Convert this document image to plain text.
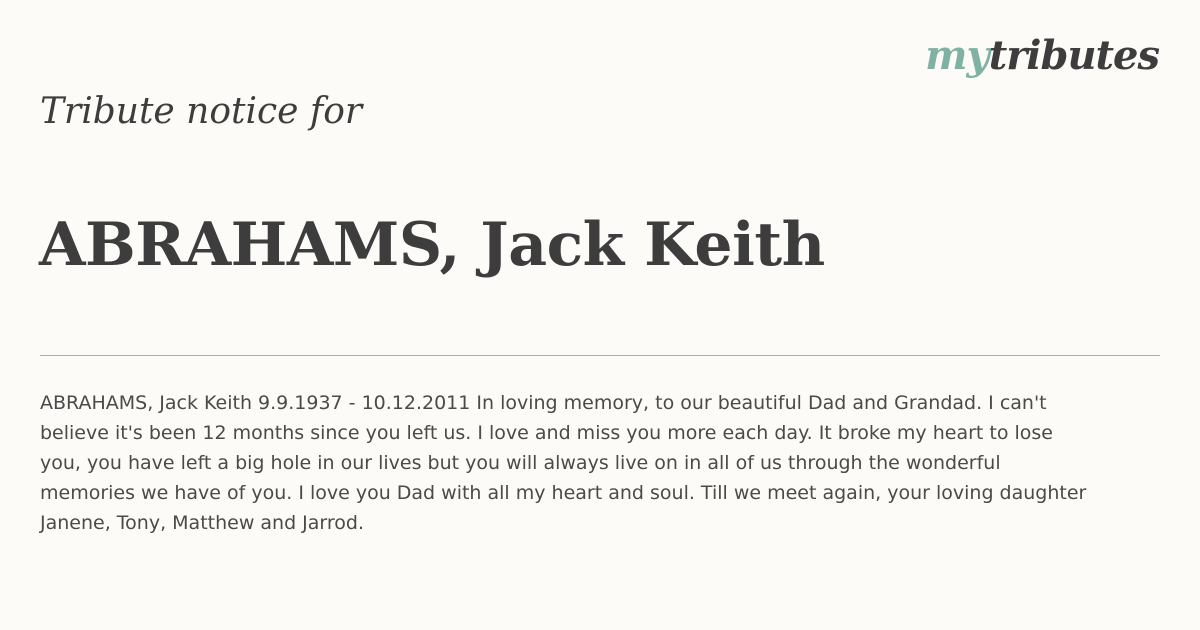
mytributes
Tribute notice for
ABRAHAMS, Jack Keith

ABRAHAMS, Jack Keith 9.9.1937 - 10.12.2011 In loving memory, to our beautiful Dad and Grandad. I can't
believe it's been 12 months since you left us. I love and miss you more each day. It broke my heart to lose
you, you have left a big hole in our lives but you will always live on in all of us through the wonderful
memories we have of you. I love you Dad with all my heart and soul. Till we meet again, your loving daughter
Janene, Tony, Matthew and Jarrod.
